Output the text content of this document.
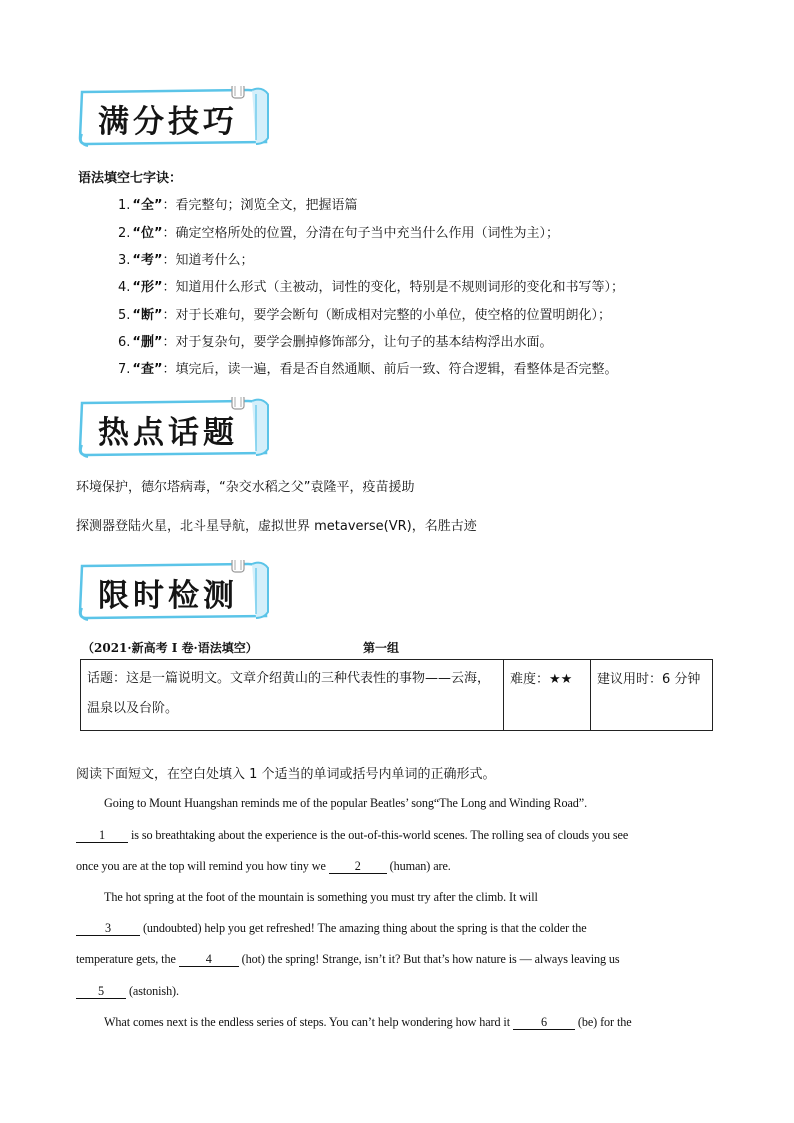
满分技巧
语法填空七字诀：
1. “全”：看完整句；浏览全文，把握语篇
2. “位”：确定空格所处的位置，分清在句子当中充当什么作用（词性为主）；
3. “考”：知道考什么；
4. “形”：知道用什么形式（主被动，词性的变化，特别是不规则词形的变化和书写等）；
5. “断”：对于长难句，要学会断句（断成相对完整的小单位，使空格的位置明朗化）；
6. “删”：对于复杂句，要学会删掉修饰部分，让句子的基本结构浮出水面。
7. “查”：填完后，读一遍，看是否自然通顺、前后一致、符合逻辑，看整体是否完整。
热点话题
环境保护，德尔塔病毒，“杂交水稻之父”袁隆平，疫苗援助
探测器登陆火星，北斗星导航，虚拟世界 metaverse(VR)，名胜古迹
限时检测
（2021·新高考 I 卷·语法填空）	第一组
话题：这是一篇说明文。文章介绍黄山的三种代表性的事物——云海，温泉以及台阶。	难度：★★	建议用时：6 分钟
阅读下面短文，在空白处填入 1 个适当的单词或括号内单词的正确形式。
Going to Mount Huangshan reminds me of the popular Beatles’ song“The Long and Winding Road”.
1 is so breathtaking about the experience is the out-of-this-world scenes. The rolling sea of clouds you see
once you are at the top will remind you how tiny we 2 (human) are.
The hot spring at the foot of the mountain is something you must try after the climb. It will
3	(undoubted) help you get refreshed! The amazing thing about the spring is that the colder the
temperature gets, the 4 (hot) the spring! Strange, isn’t it? But that’s how nature is — always leaving us
5 (astonish).
What comes next is the endless series of steps. You can’t help wondering how hard it	6	(be) for the
